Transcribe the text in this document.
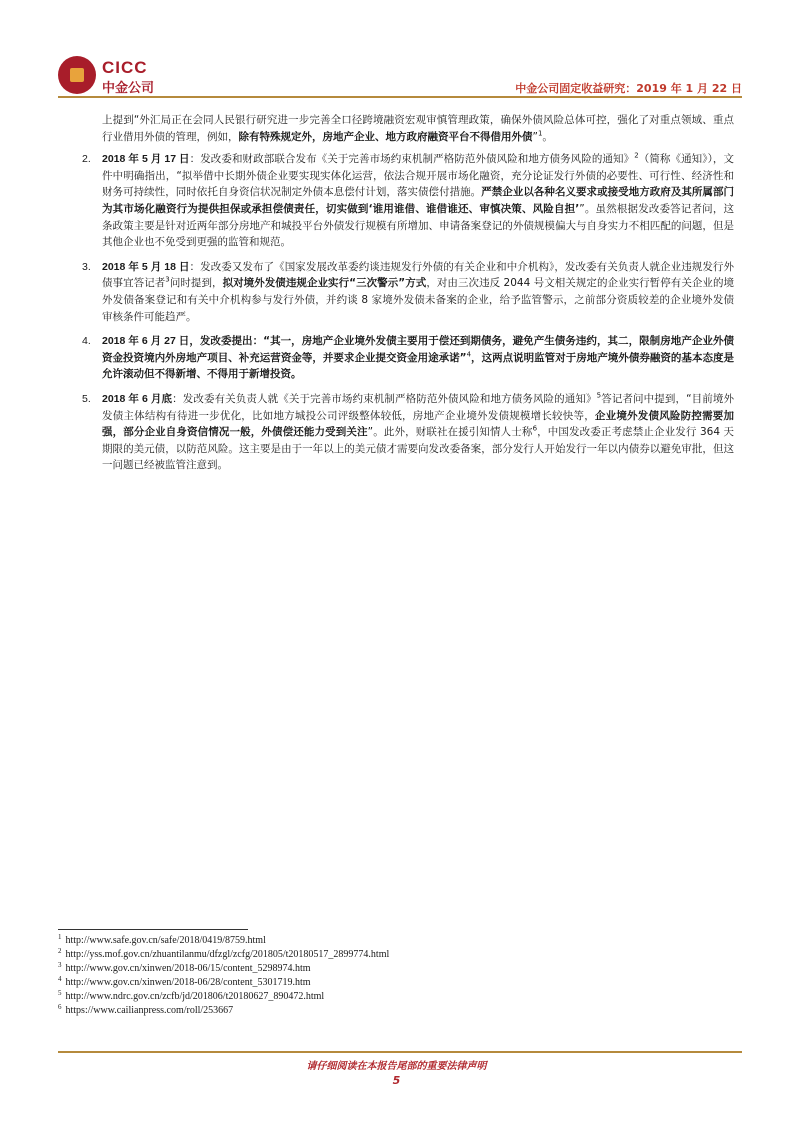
CICC
中金公司	中金公司固定收益研究：2019 年 1 月 22 日

上提到“外汇局正在会同人民银行研究进一步完善全口径跨境融资宏观审慎管理政策，确保外债风险总体可控，强化了对重点领域、重点行业借用外债的管理，例如，除有特殊规定外，房地产企业、地方政府融资平台不得借用外债”$^1$。

2. 2018 年 5 月 17 日：发改委和财政部联合发布《关于完善市场约束机制严格防范外债风险和地方债务风险的通知》$^2$（简称《通知》），文件中明确指出，“拟举借中长期外债企业要实现实体化运营，依法合规开展市场化融资，充分论证发行外债的必要性、可行性、经济性和财务可持续性，同时依托自身资信状况制定外债本息偿付计划，落实债偿付措施。严禁企业以各种名义要求或接受地方政府及其所属部门为其市场化融资行为提供担保或承担偿债责任，切实做到‘谁用谁借、谁借谁还、审慎决策、风险自担’”。虽然根据发改委答记者问，这条政策主要是针对近两年部分房地产和城投平台外债发行规模有所增加、申请备案登记的外债规模偏大与自身实力不相匹配的问题，但是其他企业也不免受到更强的监管和规范。
3. 2018 年 5 月 18 日：发改委又发布了《国家发展改革委约谈违规发行外债的有关企业和中介机构》，发改委有关负责人就企业违规发行外债事宜答记者$^3$问时提到，拟对境外发债违规企业实行“三次警示”方式，对由三次违反 2044 号文相关规定的企业实行暂停有关企业的境外发债备案登记和有关中介机构参与发行外债，并约谈 8 家境外发债未备案的企业，给予监管警示，之前部分资质较差的企业境外发债审核条件可能趋严。
4. 2018 年 6 月 27 日，发改委提出：“其一，房地产企业境外发债主要用于偿还到期债务，避免产生债务违约，其二，限制房地产企业外债资金投资境内外房地产项目、补充运营资金等，并要求企业提交资金用途承诺”$^4$，这两点说明监管对于房地产境外债券融资的基本态度是允许滚动但不得新增、不得用于新增投资。
5. 2018 年 6 月底：发改委有关负责人就《关于完善市场约束机制严格防范外债风险和地方债务风险的通知》$^5$答记者问中提到，“目前境外发债主体结构有待进一步优化，比如地方城投公司评级整体较低，房地产企业境外发债规模增长较快等，企业境外发债风险防控需要加强，部分企业自身资信情况一般，外债偿还能力受到关注”。此外，财联社在援引知情人士称$^6$，中国发改委正考虑禁止企业发行 364 天期限的美元债，以防范风险。这主要是由于一年以上的美元债才需要向发改委备案，部分发行人开始发行一年以内债券以避免审批，但这一问题已经被监管注意到。
$^1$ http://www.safe.gov.cn/safe/2018/0419/8759.html
$^2$ http://yss.mof.gov.cn/zhuantilanmu/dfzgl/zcfg/201805/t20180517_2899774.html
$^3$ http://www.gov.cn/xinwen/2018-06/15/content_5298974.htm
$^4$ http://www.gov.cn/xinwen/2018-06/28/content_5301719.htm
$^5$ http://www.ndrc.gov.cn/zcfb/jd/201806/t20180627_890472.html
$^6$ https://www.cailianpress.com/roll/253667
请仔细阅读在本报告尾部的重要法律声明
5
